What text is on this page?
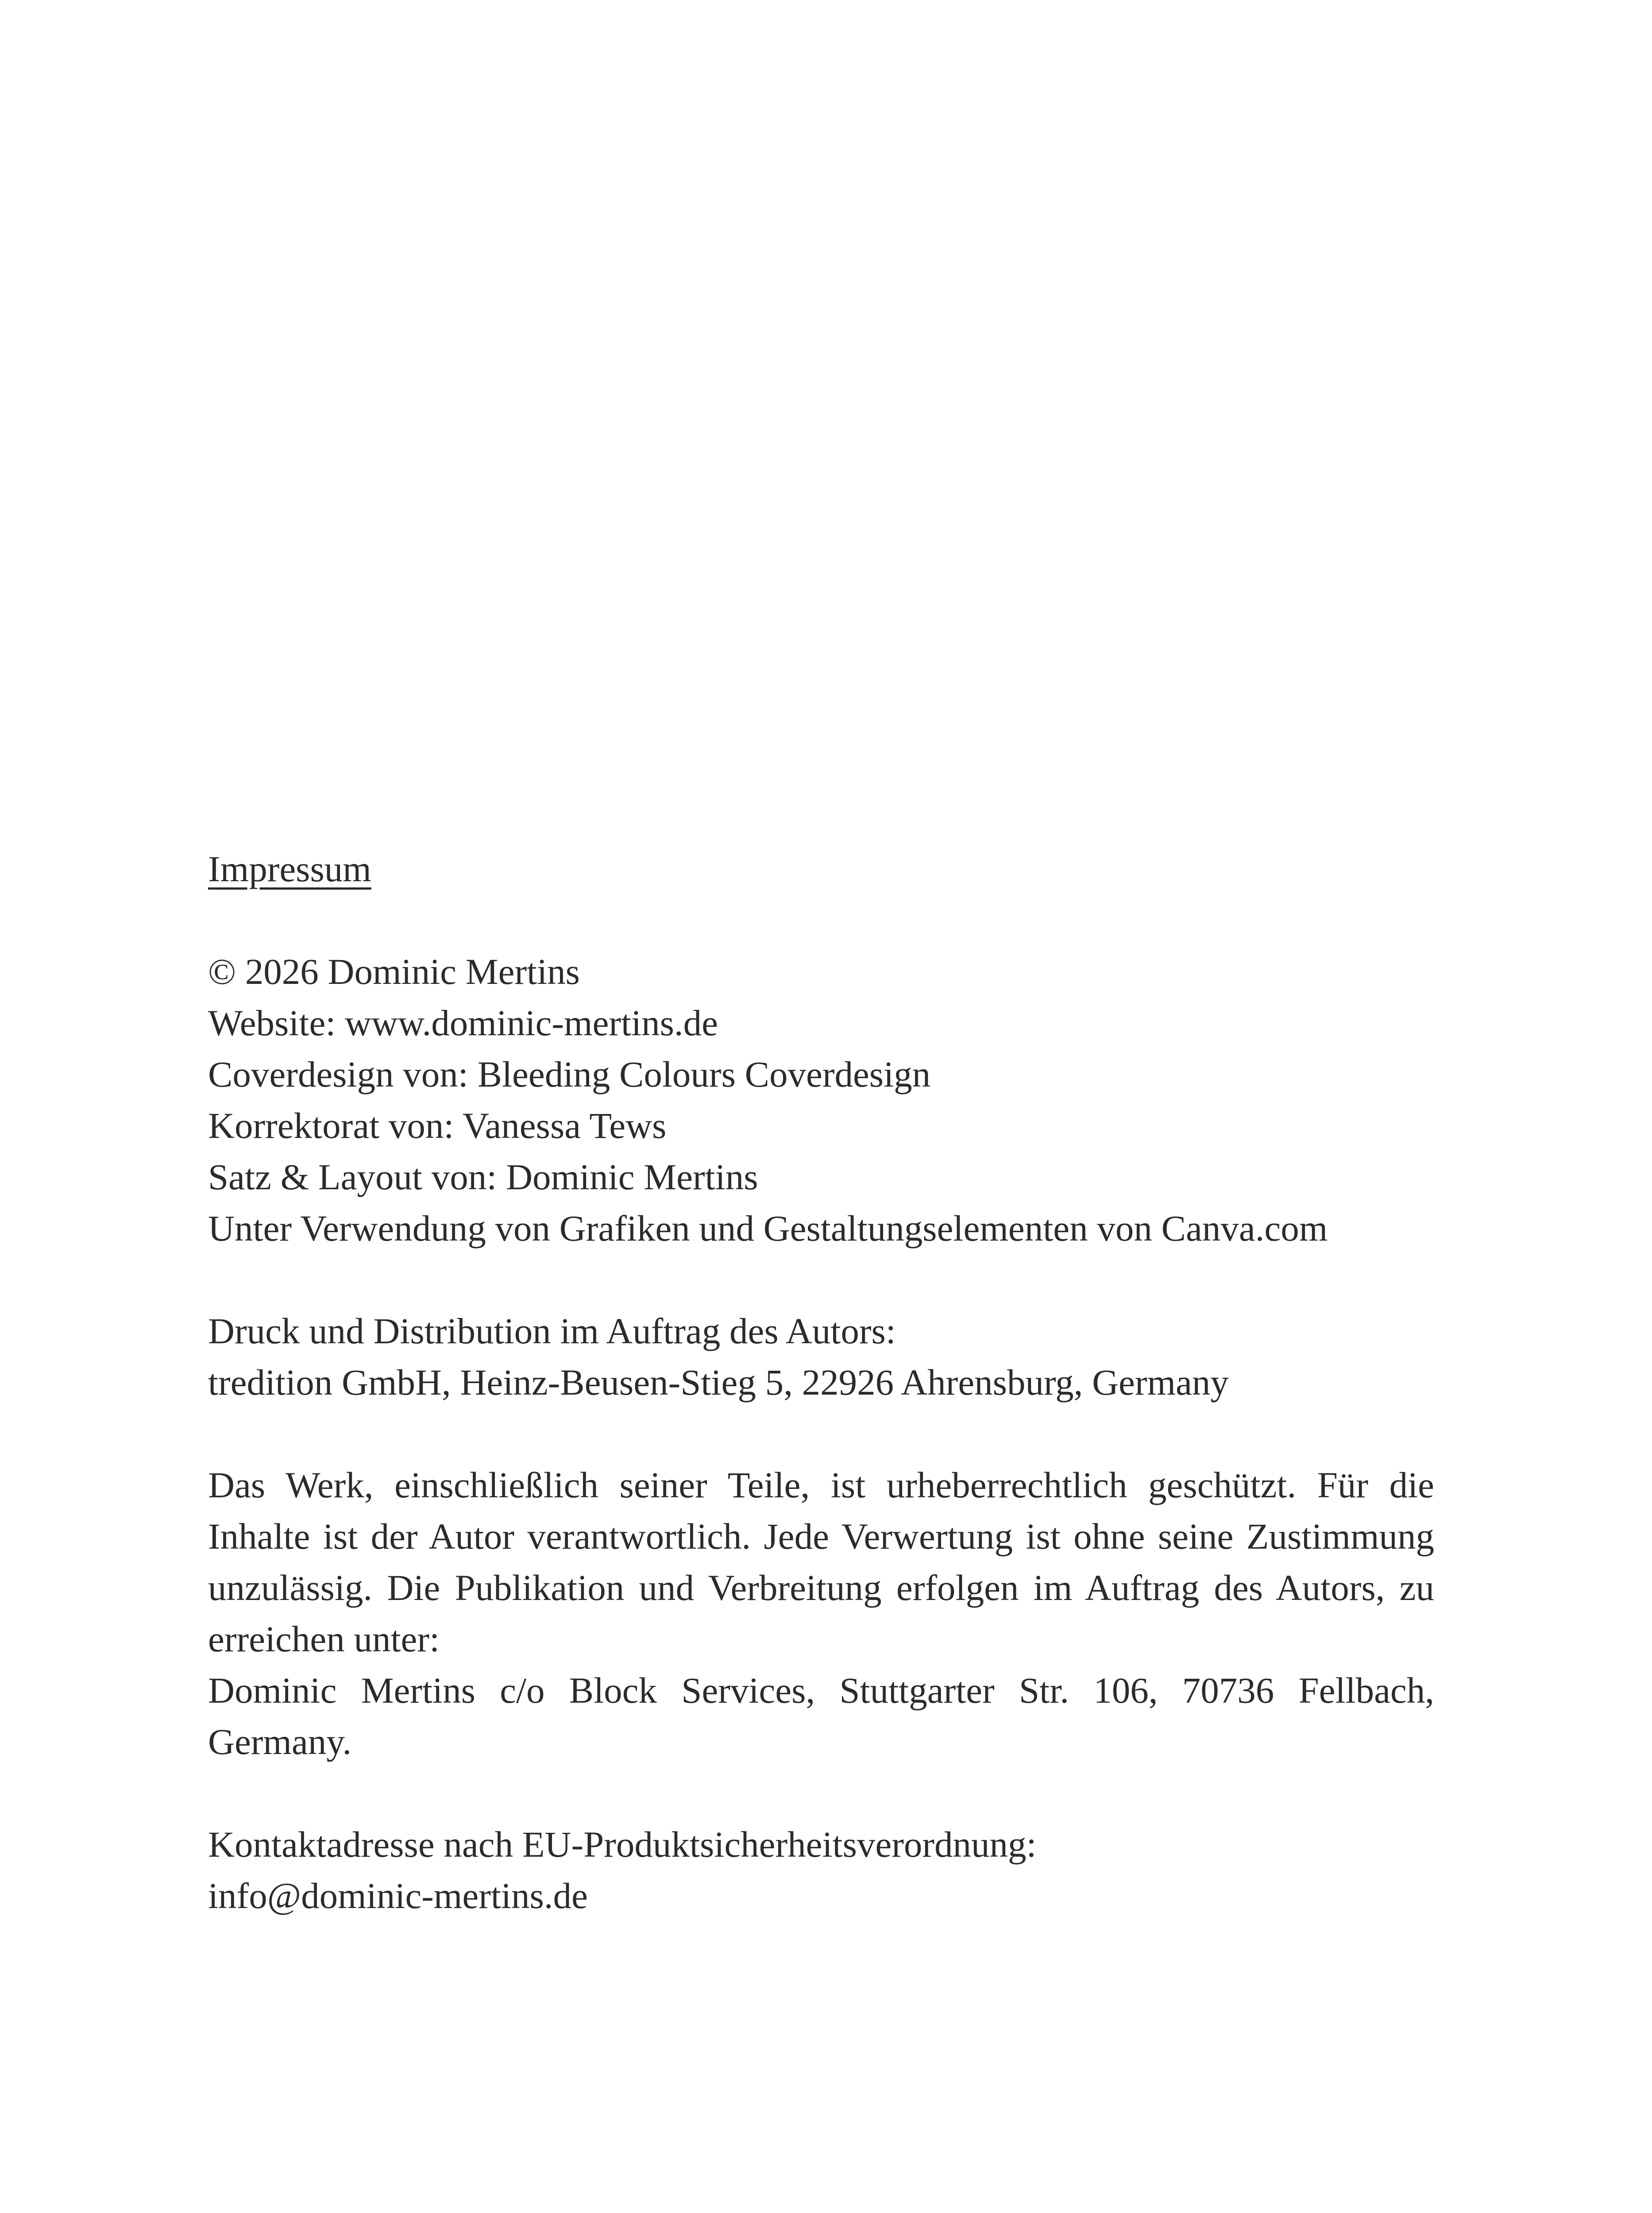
Impressum
© 2026 Dominic Mertins
Website: www.dominic-mertins.de
Coverdesign von: Bleeding Colours Coverdesign
Korrektorat von: Vanessa Tews
Satz & Layout von: Dominic Mertins
Unter Verwendung von Grafiken und Gestaltungselementen von Canva.com
Druck und Distribution im Auftrag des Autors:
tredition GmbH, Heinz-Beusen-Stieg 5, 22926 Ahrensburg, Germany
Das Werk, einschließlich seiner Teile, ist urheberrechtlich geschützt. Für die Inhalte ist der Autor verantwortlich. Jede Verwertung ist ohne seine Zustimmung unzulässig. Die Publikation und Verbreitung erfolgen im Auftrag des Autors, zu erreichen unter:
Dominic Mertins c/o Block Services, Stuttgarter Str. 106, 70736 Fellbach, Germany.
Kontaktadresse nach EU-Produktsicherheitsverordnung:
info@dominic-mertins.de
